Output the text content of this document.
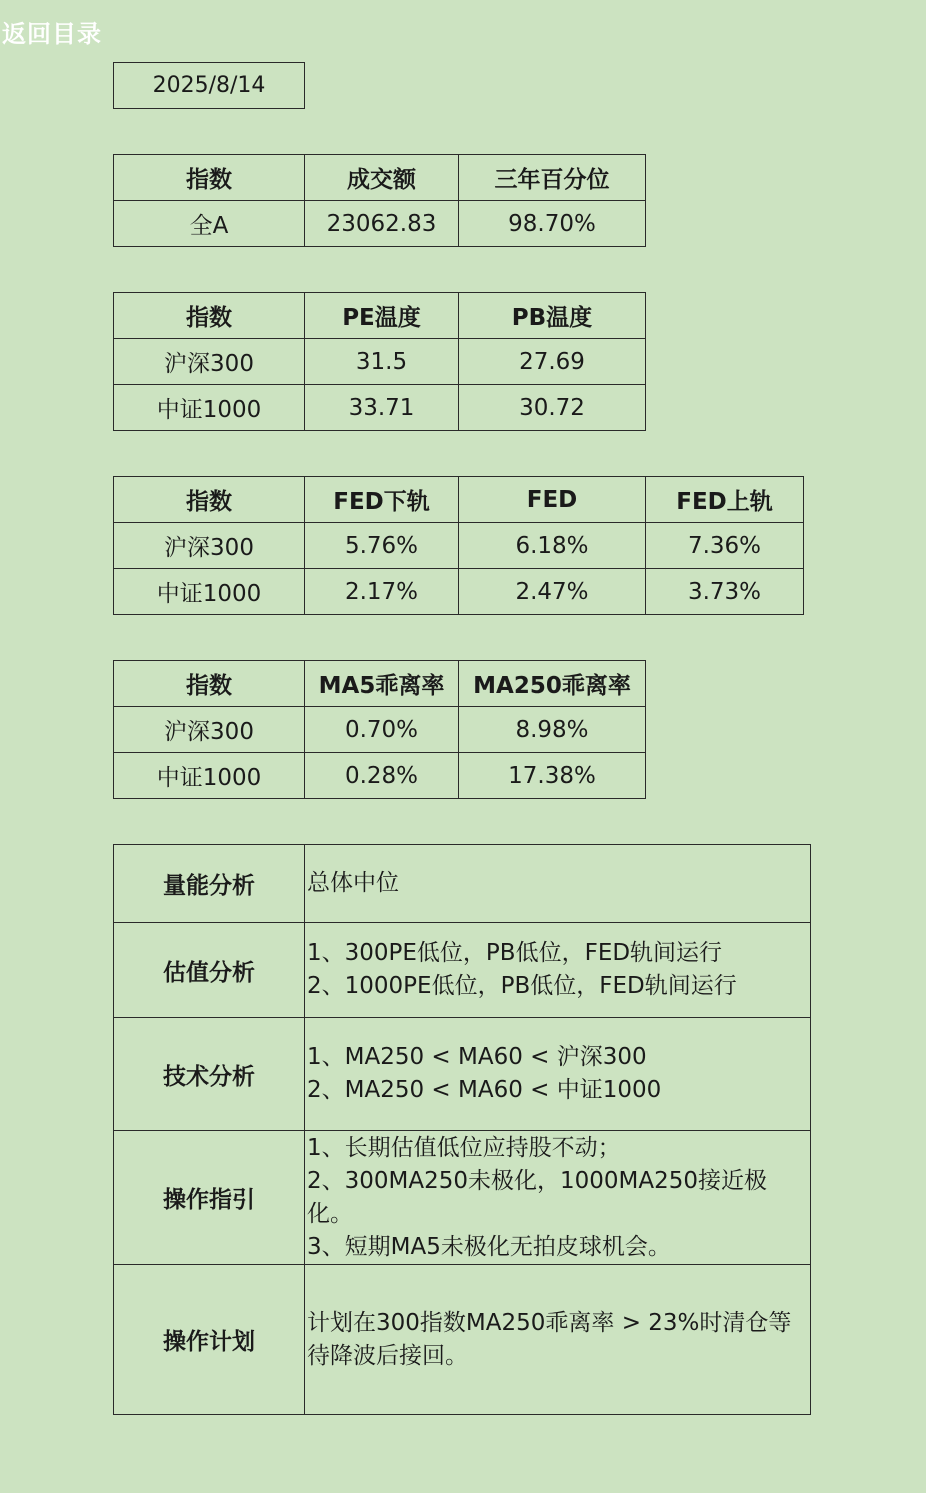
返回目录
2025/8/14
指数	成交额	三年百分位
全A	23062.83	98.70%
指数	PE温度	PB温度
沪深300	31.5	27.69
中证1000	33.71	30.72
指数	FED下轨	FED	FED上轨
沪深300	5.76%	6.18%	7.36%
中证1000	2.17%	2.47%	3.73%
指数	MA5乖离率	MA250乖离率
沪深300	0.70%	8.98%
中证1000	0.28%	17.38%
量能分析	总体中位

估值分析	1、300PE低位，PB低位，FED轨间运行
2、1000PE低位，PB低位，FED轨间运行

技术分析	1、MA250 < MA60 < 沪深300
2、MA250 < MA60 < 中证1000

操作指引	1、长期估值低位应持股不动；
2、300MA250未极化，1000MA250接近极化。
3、短期MA5未极化无拍皮球机会。

操作计划	计划在300指数MA250乖离率 > 23%时清仓等待降波后接回。
